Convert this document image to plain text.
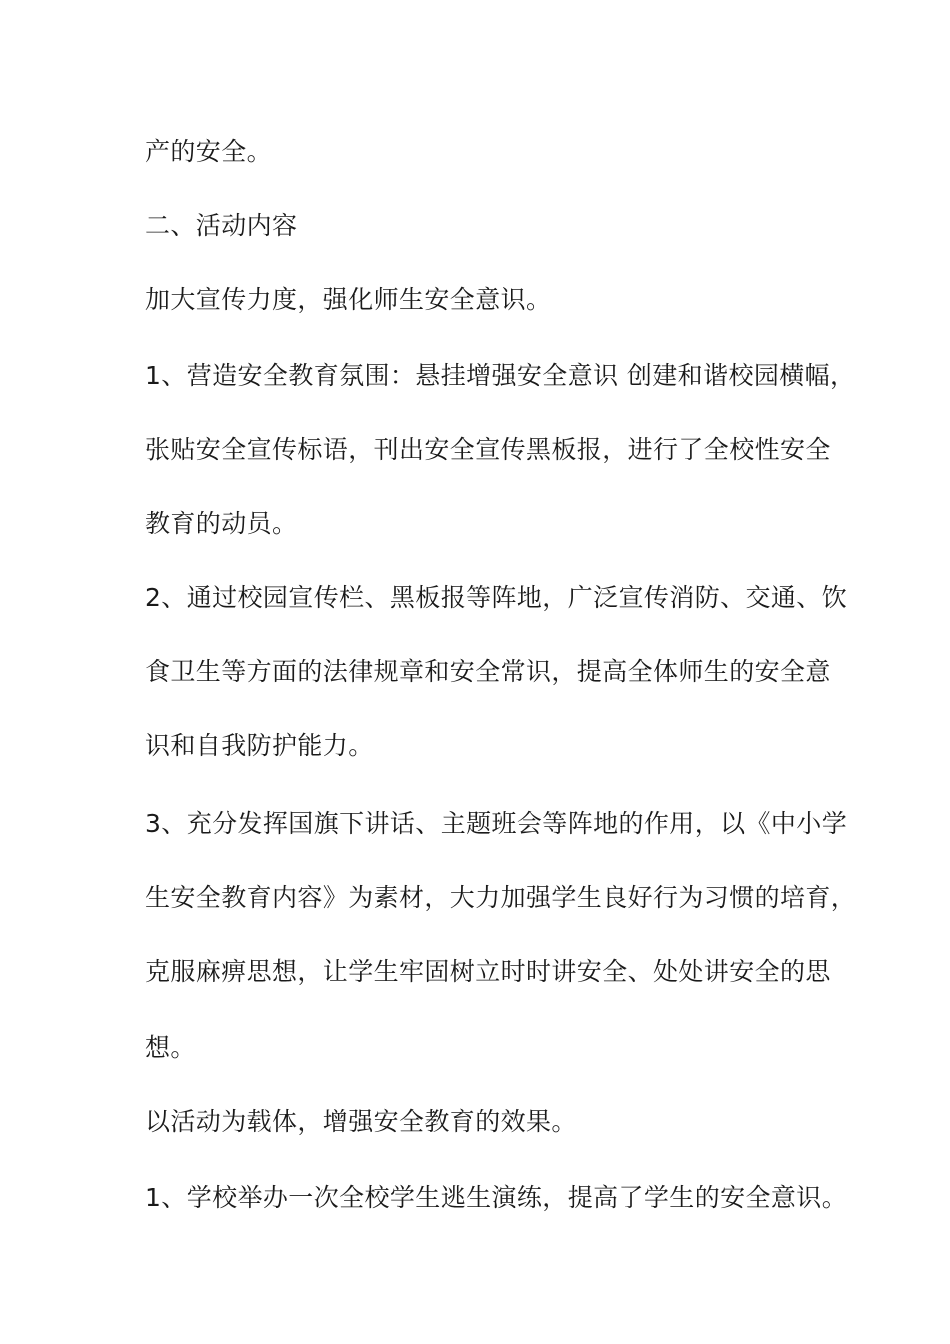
产的安全。
二、活动内容
加大宣传力度，强化师生安全意识。
1、营造安全教育氛围：悬挂增强安全意识 创建和谐校园横幅，
张贴安全宣传标语，刊出安全宣传黑板报，进行了全校性安全
教育的动员。
2、通过校园宣传栏、黑板报等阵地，广泛宣传消防、交通、饮
食卫生等方面的法律规章和安全常识，提高全体师生的安全意
识和自我防护能力。
3、充分发挥国旗下讲话、主题班会等阵地的作用，以《中小学
生安全教育内容》为素材，大力加强学生良好行为习惯的培育，
克服麻痹思想，让学生牢固树立时时讲安全、处处讲安全的思
想。
以活动为载体，增强安全教育的效果。
1、学校举办一次全校学生逃生演练，提高了学生的安全意识。
